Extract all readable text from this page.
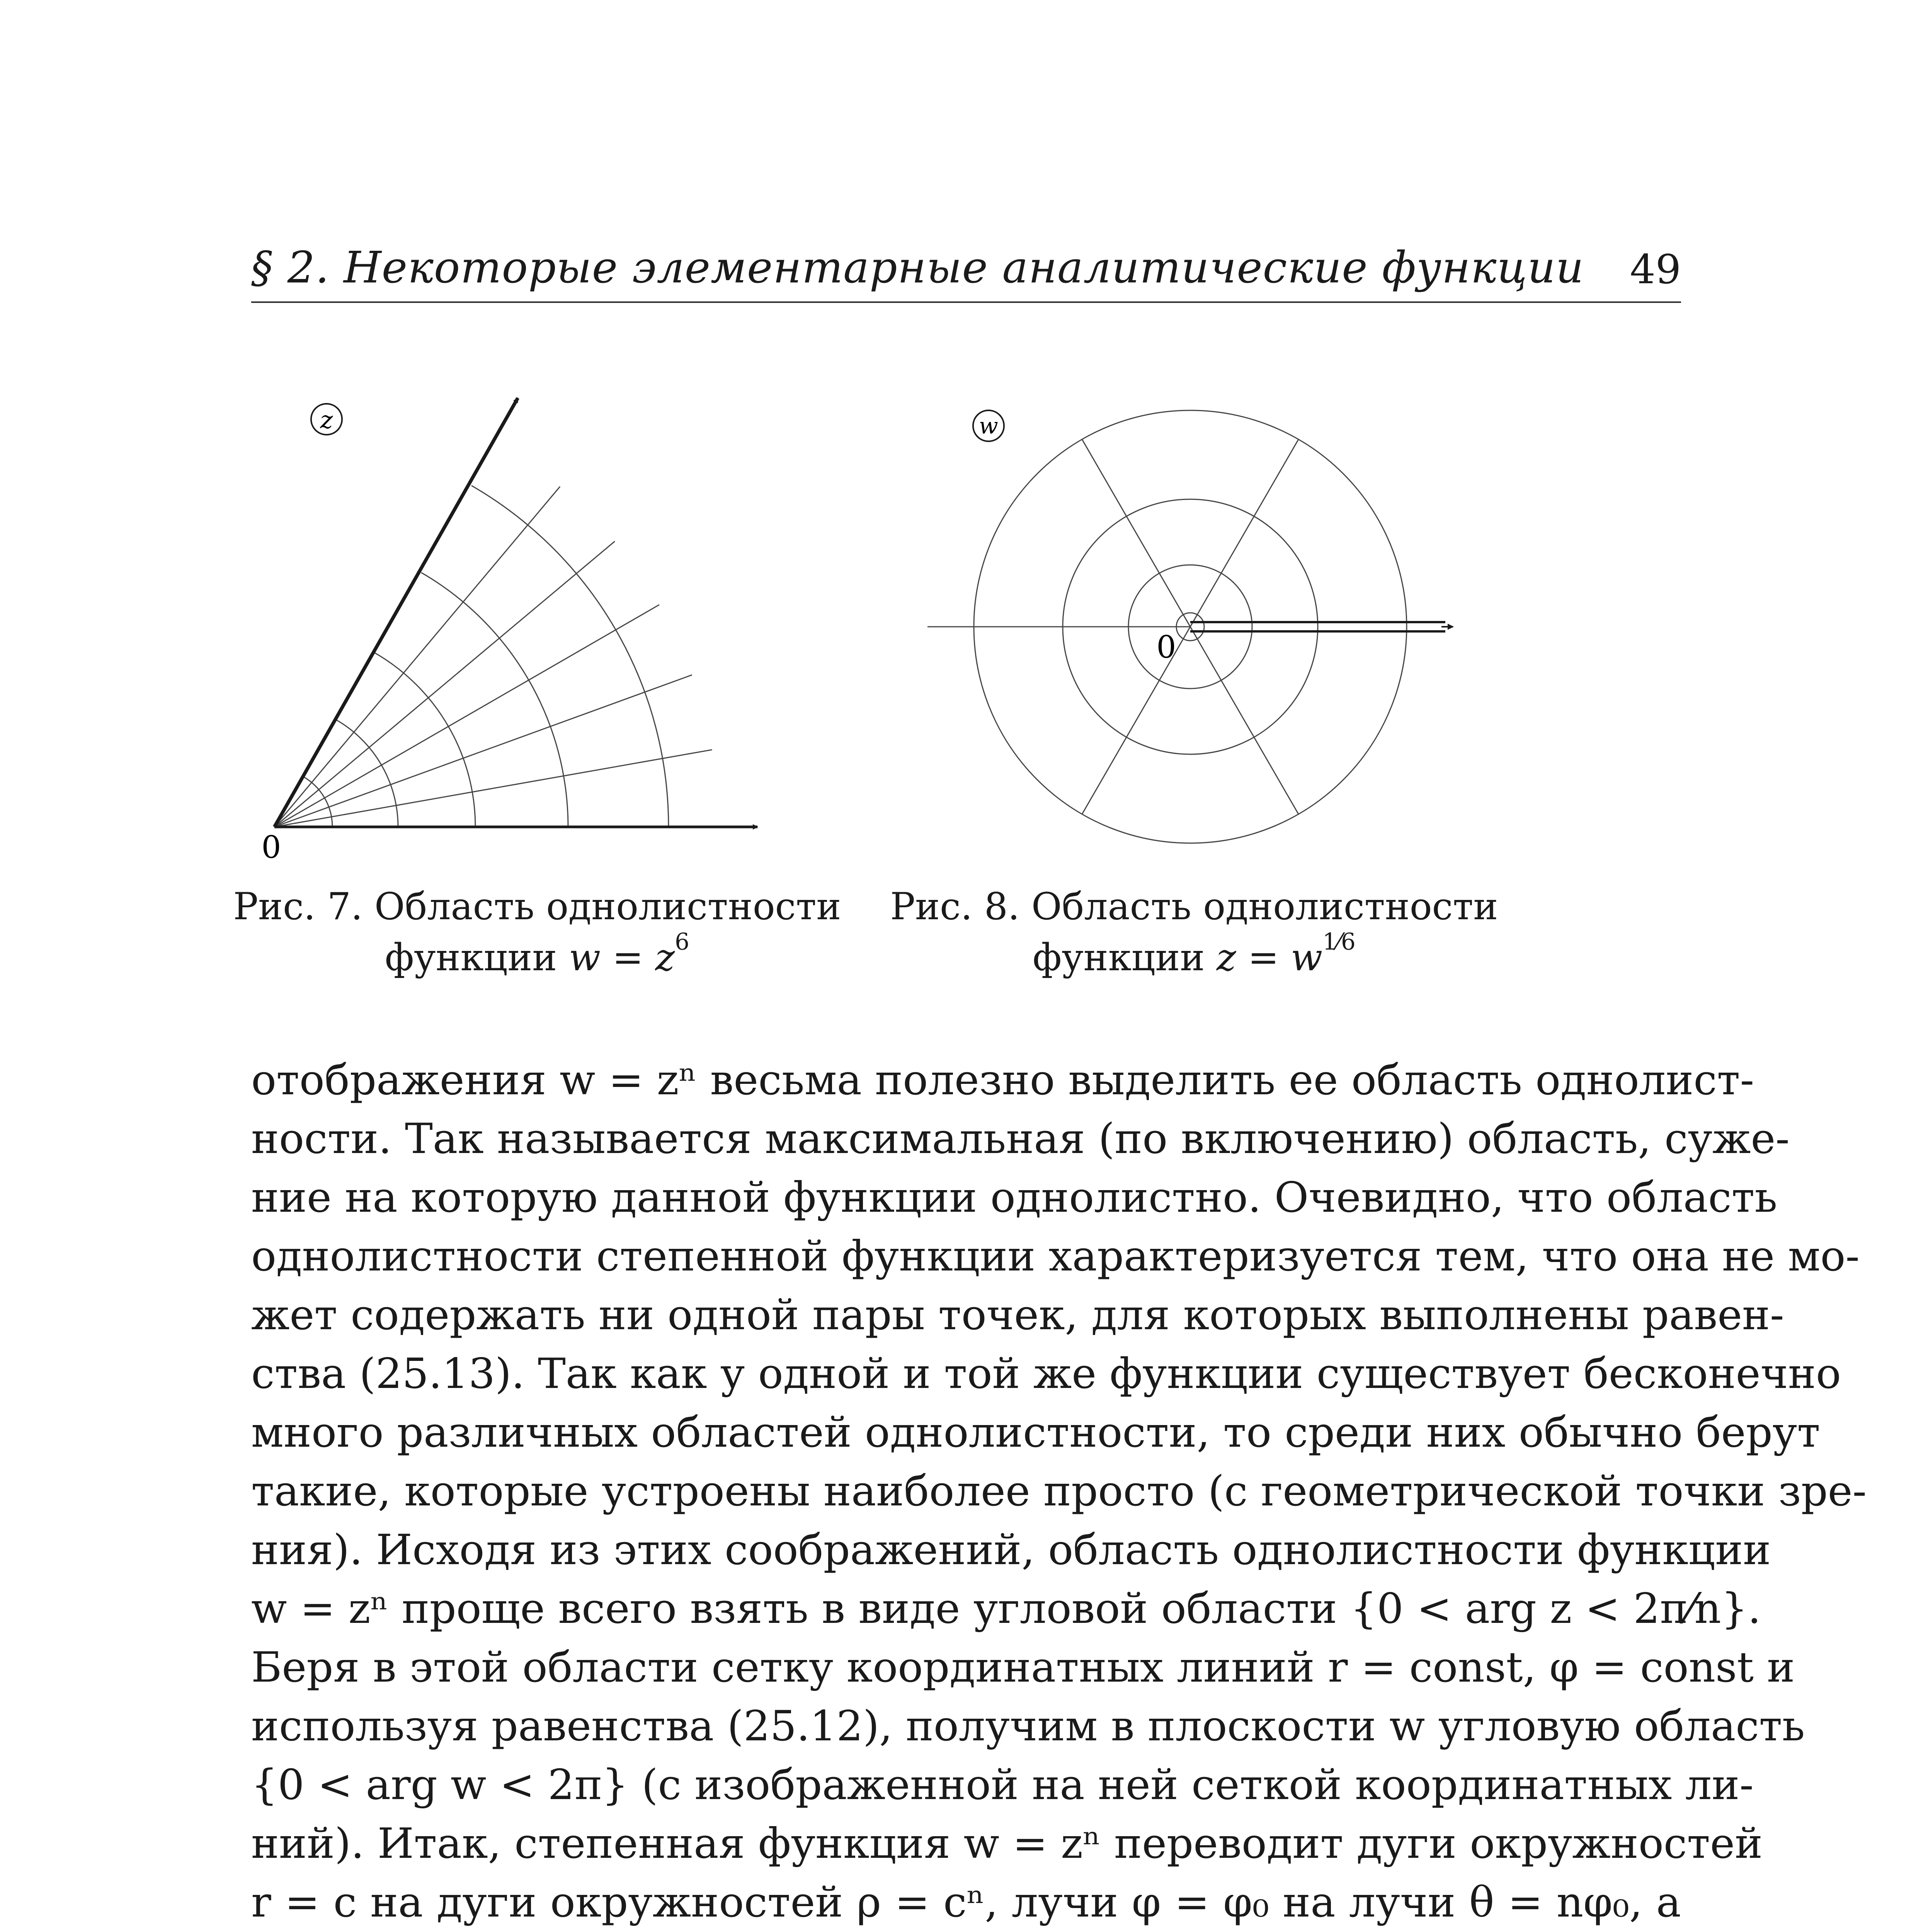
§ 2. Некоторые элементарные аналитические функции 49
z
0
w
0
Рис. 7. Область однолистности
функции $w = z^6$
Рис. 8. Область однолистности
функции $z = w^{1⁄6}$
отображения w = zⁿ весьма полезно выделить ее область однолист-
ности. Так называется максимальная (по включению) область, суже-
ние на которую данной функции однолистно. Очевидно, что область
однолистности степенной функции характеризуется тем, что она не мо-
жет содержать ни одной пары точек, для которых выполнены равен-
ства (25.13). Так как у одной и той же функции существует бесконечно
много различных областей однолистности, то среди них обычно берут
такие, которые устроены наиболее просто (с геометрической точки зре-
ния). Исходя из этих соображений, область однолистности функции
w = zⁿ проще всего взять в виде угловой области {0 < arg z < 2π⁄n}.
Беря в этой области сетку координатных линий r = const, φ = const и
используя равенства (25.12), получим в плоскости w угловую область
{0 < arg w < 2π} (с изображенной на ней сеткой координатных ли-
ний). Итак, степенная функция w = zⁿ переводит дуги окружностей
r = c на дуги окружностей ρ = cⁿ, лучи φ = φ₀ на лучи θ = nφ₀, а
